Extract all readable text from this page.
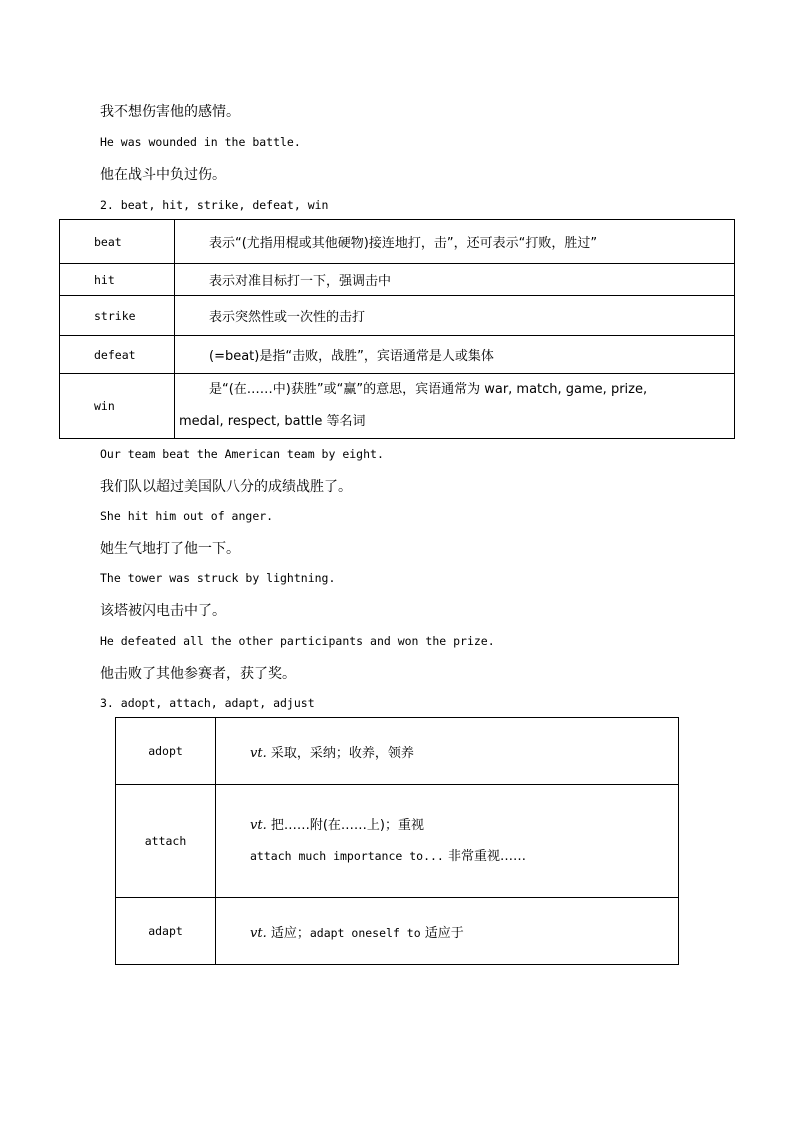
我不想伤害他的感情。
He was wounded in the battle.
他在战斗中负过伤。
2. beat, hit, strike, defeat, win
beat	表示“(尤指用棍或其他硬物)接连地打，击”，还可表示“打败，胜过”
hit	表示对准目标打一下，强调击中
strike	表示突然性或一次性的击打
defeat	(=beat)是指“击败，战胜”，宾语通常是人或集体
win	是“(在……中)获胜”或“赢”的意思，宾语通常为 war, match, game, prize,
medal, respect, battle 等名词
Our team beat the American team by eight.
我们队以超过美国队八分的成绩战胜了。
She hit him out of anger.
她生气地打了他一下。
The tower was struck by lightning.
该塔被闪电击中了。
He defeated all the other participants and won the prize.
他击败了其他参赛者，获了奖。
3. adopt, attach, adapt, adjust
adopt	vt. 采取，采纳；收养，领养
attach	vt. 把……附(在……上)；重视
attach much importance to... 非常重视……

adapt	vt. 适应；adapt oneself to 适应于
